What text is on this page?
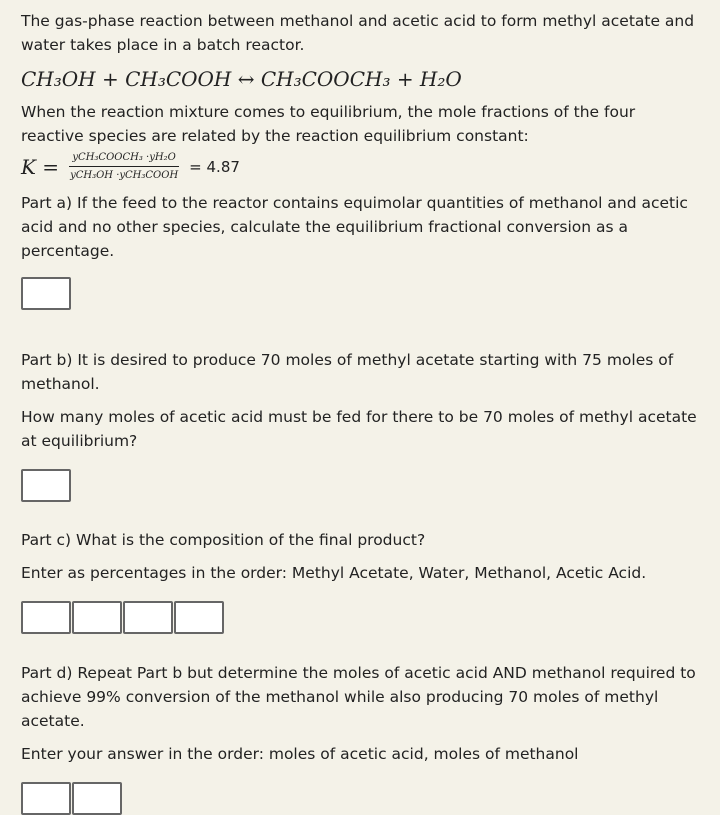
The gas-phase reaction between methanol and acetic acid to form methyl acetate and water takes place in a batch reactor.

CH₃OH + CH₃COOH ↔ CH₃COOCH₃ + H₂O

When the reaction mixture comes to equilibrium, the mole fractions of the four reactive species are related by the reaction equilibrium constant:

$K = \frac{\text{yCH₃COOCH₃ ·yH₂O}}{\text{yCH₃OH ·yCH₃COOH}} = 4.87$

Part a) If the feed to the reactor contains equimolar quantities of methanol and acetic acid and no other species, calculate the equilibrium fractional conversion as a percentage.

Part b) It is desired to produce 70 moles of methyl acetate starting with 75 moles of methanol.

How many moles of acetic acid must be fed for there to be 70 moles of methyl acetate at equilibrium?

Part c) What is the composition of the final product?

Enter as percentages in the order: Methyl Acetate, Water, Methanol, Acetic Acid.

Part d) Repeat Part b but determine the moles of acetic acid AND methanol required to achieve 99% conversion of the methanol while also producing 70 moles of methyl acetate.

Enter your answer in the order: moles of acetic acid, moles of methanol
